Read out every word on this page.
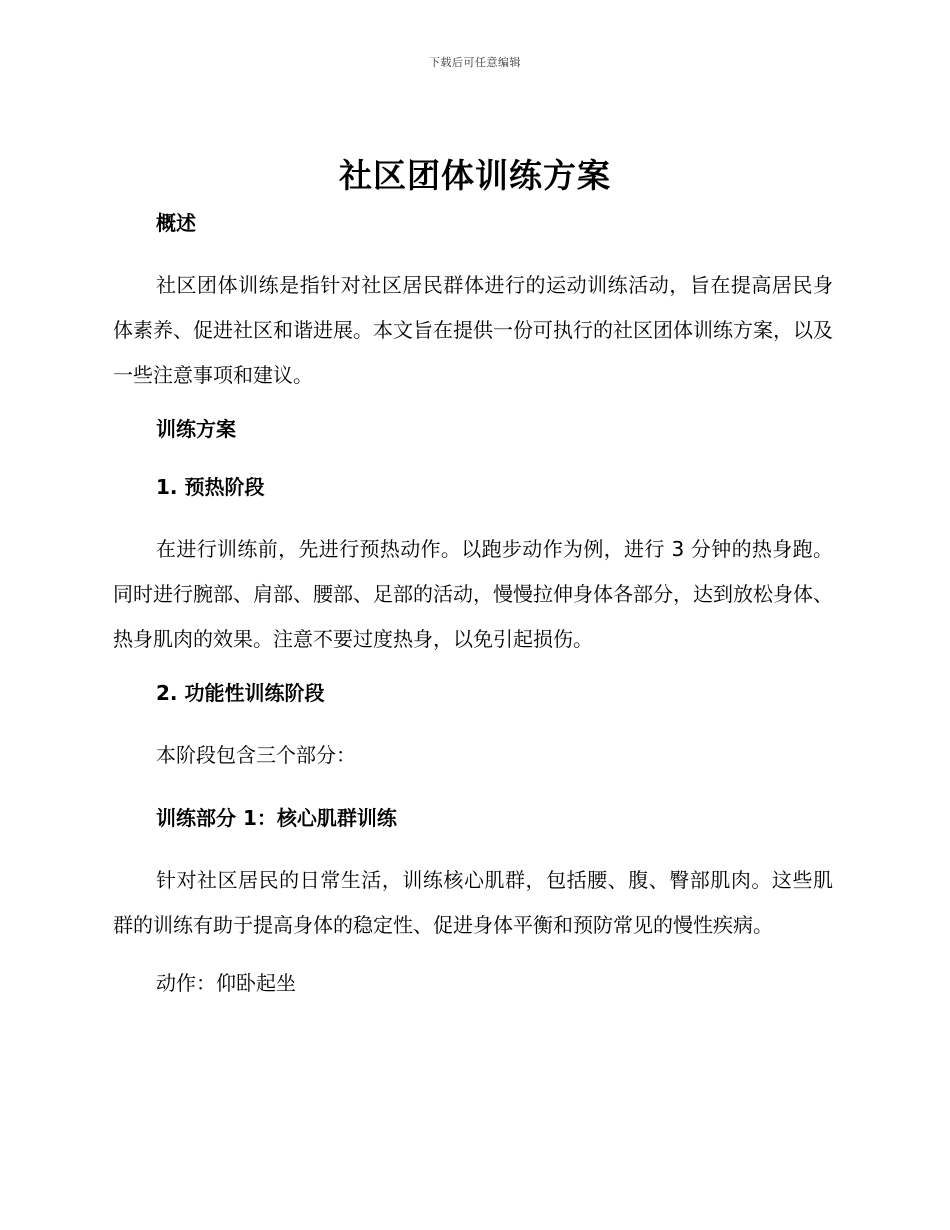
下载后可任意编辑
社区团体训练方案

概述

社区团体训练是指针对社区居民群体进行的运动训练活动，旨在提高居民身体素养、促进社区和谐进展。本文旨在提供一份可执行的社区团体训练方案，以及一些注意事项和建议。

训练方案

1. 预热阶段

在进行训练前，先进行预热动作。以跑步动作为例，进行 3 分钟的热身跑。同时进行腕部、肩部、腰部、足部的活动，慢慢拉伸身体各部分，达到放松身体、热身肌肉的效果。注意不要过度热身，以免引起损伤。

2. 功能性训练阶段

本阶段包含三个部分：

训练部分 1：核心肌群训练

针对社区居民的日常生活，训练核心肌群，包括腰、腹、臀部肌肉。这些肌群的训练有助于提高身体的稳定性、促进身体平衡和预防常见的慢性疾病。

动作：仰卧起坐
